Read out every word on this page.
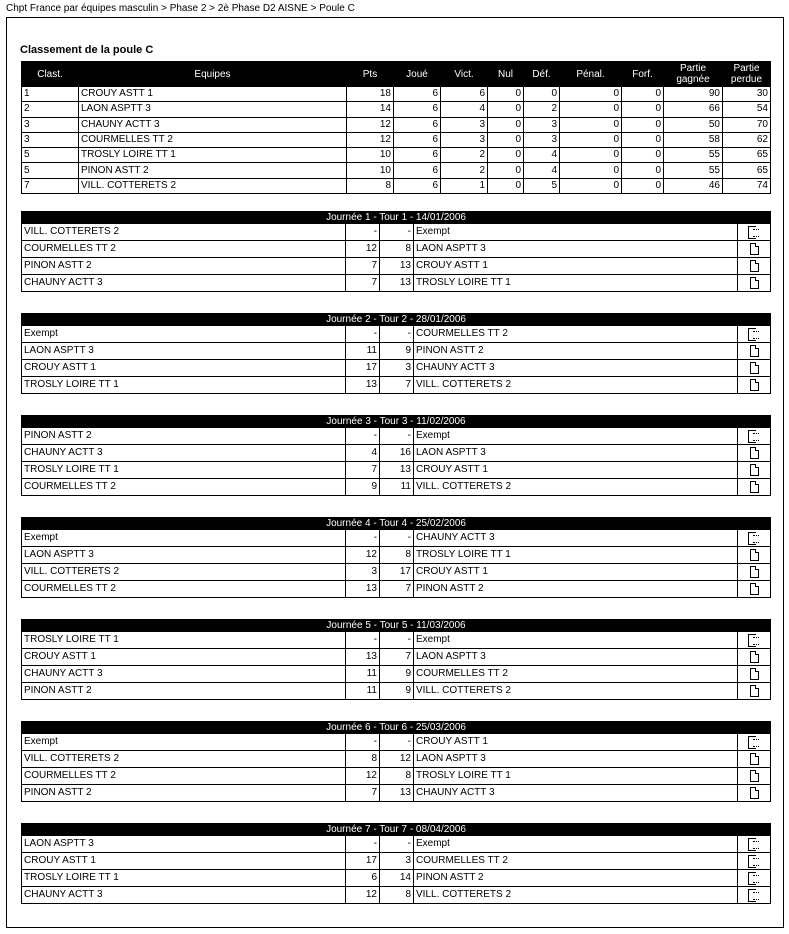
Chpt France par équipes masculin > Phase 2 > 2è Phase D2 AISNE > Poule C
Classement de la poule C
Clast.	Equipes	Pts	Joué	Vict.	Nul	Déf.	Pénal.	Forf.	Partie gagnée	Partie perdue
1	CROUY ASTT 1	18	6	6	0	0	0	0	90	30
2	LAON ASPTT 3	14	6	4	0	2	0	0	66	54
3	CHAUNY ACTT 3	12	6	3	0	3	0	0	50	70
3	COURMELLES TT 2	12	6	3	0	3	0	0	58	62
5	TROSLY LOIRE TT 1	10	6	2	0	4	0	0	55	65
5	PINON ASTT 2	10	6	2	0	4	0	0	55	65
7	VILL. COTTERETS 2	8	6	1	0	5	0	0	46	74
Journée 1 - Tour 1 - 14/01/2006				
VILL. COTTERETS 2	-	-	Exempt	
COURMELLES TT 2	12	8	LAON ASPTT 3	
PINON ASTT 2	7	13	CROUY ASTT 1	
CHAUNY ACTT 3	7	13	TROSLY LOIRE TT 1	
Journée 2 - Tour 2 - 28/01/2006				
Exempt	-	-	COURMELLES TT 2	
LAON ASPTT 3	11	9	PINON ASTT 2	
CROUY ASTT 1	17	3	CHAUNY ACTT 3	
TROSLY LOIRE TT 1	13	7	VILL. COTTERETS 2	
Journée 3 - Tour 3 - 11/02/2006				
PINON ASTT 2	-	-	Exempt	
CHAUNY ACTT 3	4	16	LAON ASPTT 3	
TROSLY LOIRE TT 1	7	13	CROUY ASTT 1	
COURMELLES TT 2	9	11	VILL. COTTERETS 2	
Journée 4 - Tour 4 - 25/02/2006				
Exempt	-	-	CHAUNY ACTT 3	
LAON ASPTT 3	12	8	TROSLY LOIRE TT 1	
VILL. COTTERETS 2	3	17	CROUY ASTT 1	
COURMELLES TT 2	13	7	PINON ASTT 2	
Journée 5 - Tour 5 - 11/03/2006				
TROSLY LOIRE TT 1	-	-	Exempt	
CROUY ASTT 1	13	7	LAON ASPTT 3	
CHAUNY ACTT 3	11	9	COURMELLES TT 2	
PINON ASTT 2	11	9	VILL. COTTERETS 2	
Journée 6 - Tour 6 - 25/03/2006				
Exempt	-	-	CROUY ASTT 1	
VILL. COTTERETS 2	8	12	LAON ASPTT 3	
COURMELLES TT 2	12	8	TROSLY LOIRE TT 1	
PINON ASTT 2	7	13	CHAUNY ACTT 3	
Journée 7 - Tour 7 - 08/04/2006				
LAON ASPTT 3	-	-	Exempt	
CROUY ASTT 1	17	3	COURMELLES TT 2	
TROSLY LOIRE TT 1	6	14	PINON ASTT 2	
CHAUNY ACTT 3	12	8	VILL. COTTERETS 2	
